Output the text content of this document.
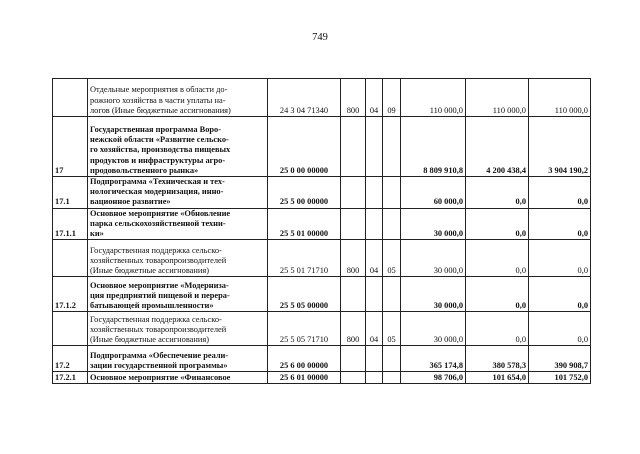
749

	Отдельные мероприятия в области до-
рожного хозяйства в части уплаты на-
логов (Иные бюджетные ассигнования)	24 3 04 71340	800	04	09	110 000,0	110 000,0	110 000,0
17	Государственная программа Воро-
нежской области «Развитие сельско-
го хозяйства, производства пищевых
продуктов и инфраструктуры агро-
продовольственного рынка»	25 0 00 00000				8 809 910,8	4 200 438,4	3 904 190,2
17.1	Подпрограмма «Техническая и тех-
нологическая модернизация, инно-
вационное развитие»	25 5 00 00000				60 000,0	0,0	0,0
17.1.1	Основное мероприятие «Обновление
парка сельскохозяйственной техни-
ки»	25 5 01 00000				30 000,0	0,0	0,0

	Государственная поддержка сельско-
хозяйственных товаропроизводителей
(Иные бюджетные ассигнования)	25 5 01 71710	800	04	05	30 000,0	0,0	0,0
17.1.2	Основное мероприятие «Модерниза-
ция предприятий пищевой и перера-
батывающей промышленности»	25 5 05 00000				30 000,0	0,0	0,0

	Государственная поддержка сельско-
хозяйственных товаропроизводителей
(Иные бюджетные ассигнования)	25 5 05 71710	800	04	05	30 000,0	0,0	0,0
17.2	Подпрограмма «Обеспечение реали-
зации государственной программы»	25 6 00 00000				365 174,8	380 578,3	390 908,7
17.2.1	Основное мероприятие «Финансовое	25 6 01 00000				98 706,0	101 654,0	101 752,0
